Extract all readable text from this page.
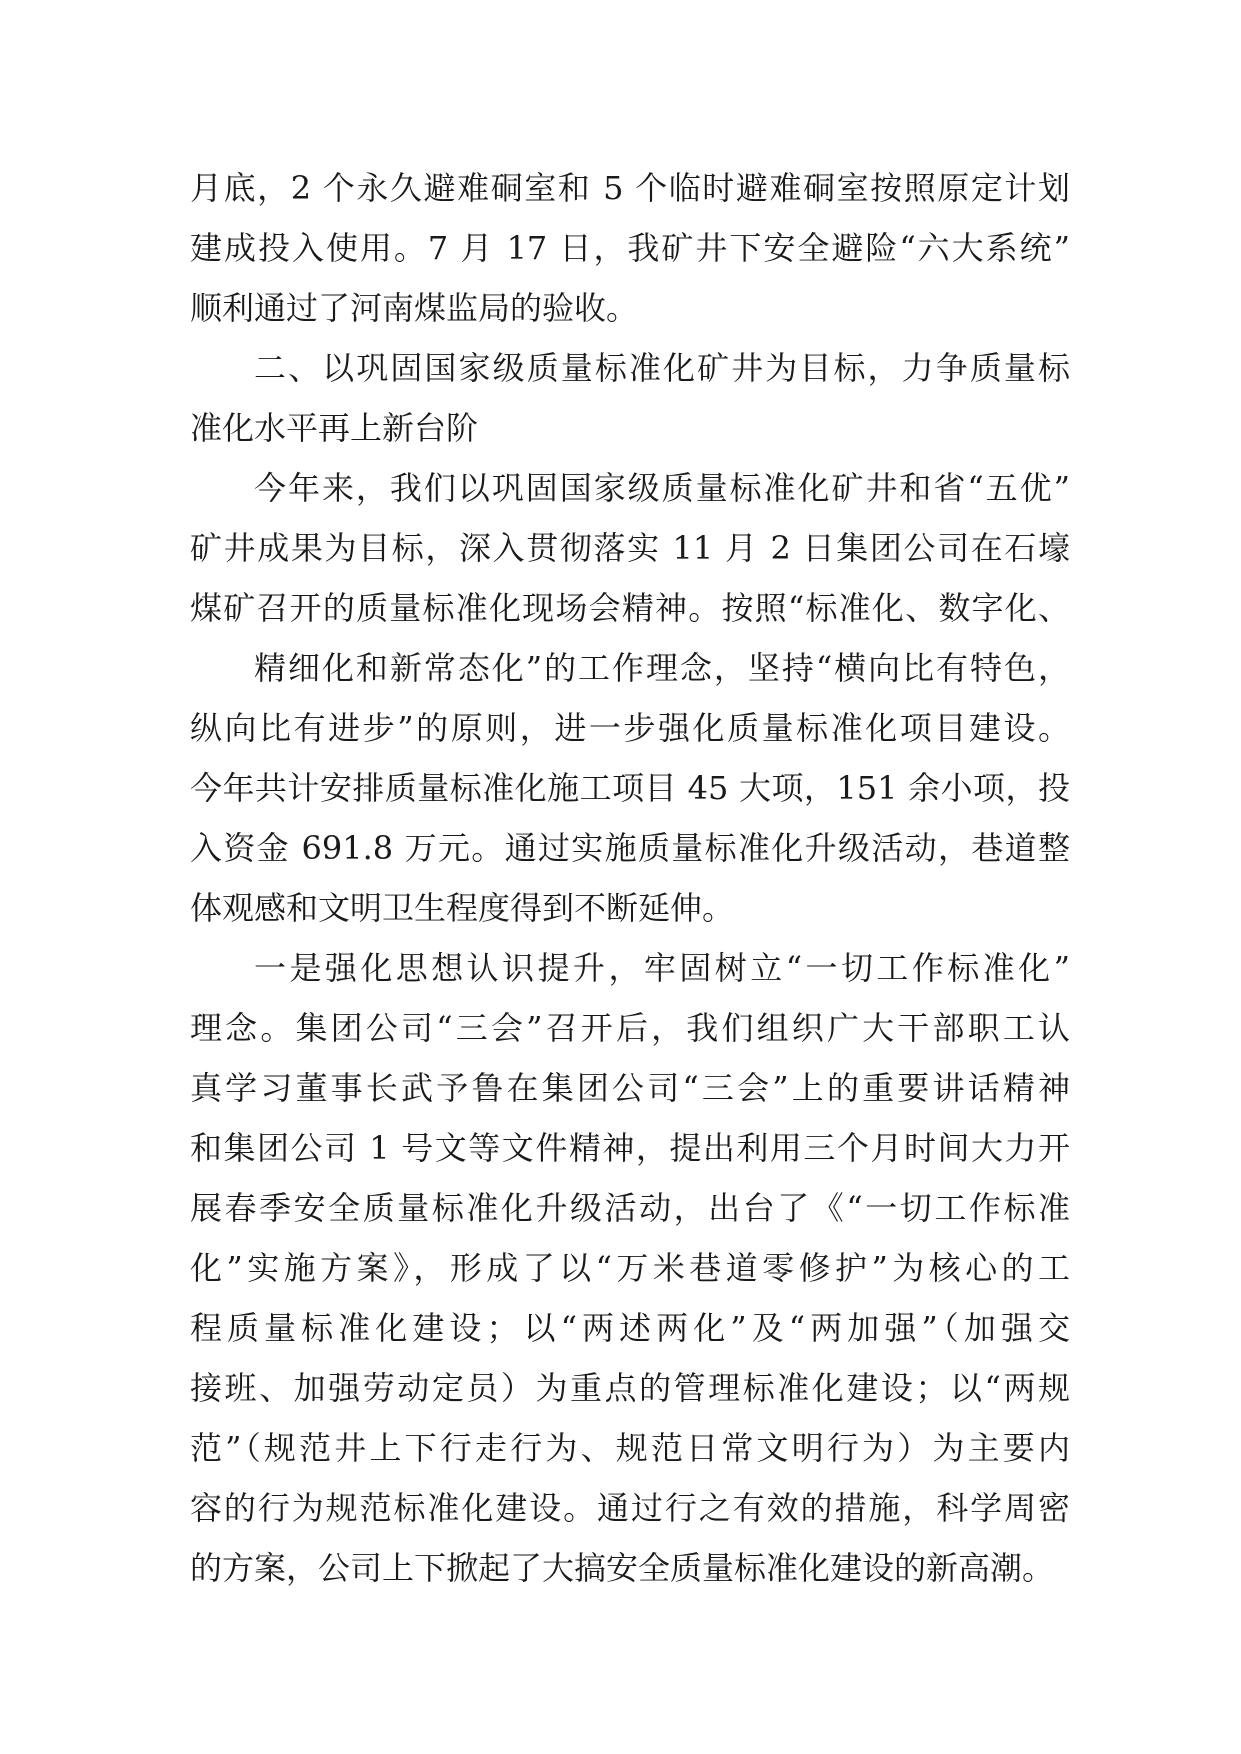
月底，2 个永久避难硐室和 5 个临时避难硐室按照原定计划
建成投入使用。7 月 17 日，我矿井下安全避险“六大系统”
顺利通过了河南煤监局的验收。
二、以巩固国家级质量标准化矿井为目标，力争质量标
准化水平再上新台阶
今年来，我们以巩固国家级质量标准化矿井和省“五优”
矿井成果为目标，深入贯彻落实 11 月 2 日集团公司在石壕
煤矿召开的质量标准化现场会精神。按照“标准化、数字化、
精细化和新常态化”的工作理念，坚持“横向比有特色，
纵向比有进步”的原则，进一步强化质量标准化项目建设。
今年共计安排质量标准化施工项目 45 大项，151 余小项，投
入资金 691.8 万元。通过实施质量标准化升级活动，巷道整
体观感和文明卫生程度得到不断延伸。
一是强化思想认识提升，牢固树立“一切工作标准化”
理念。集团公司“三会”召开后，我们组织广大干部职工认
真学习董事长武予鲁在集团公司“三会”上的重要讲话精神
和集团公司 1 号文等文件精神，提出利用三个月时间大力开
展春季安全质量标准化升级活动，出台了《“一切工作标准
化”实施方案》，形成了以“万米巷道零修护”为核心的工
程质量标准化建设；以“两述两化”及“两加强”（加强交
接班、加强劳动定员）为重点的管理标准化建设；以“两规
范”（规范井上下行走行为、规范日常文明行为）为主要内
容的行为规范标准化建设。通过行之有效的措施，科学周密
的方案，公司上下掀起了大搞安全质量标准化建设的新高潮。
